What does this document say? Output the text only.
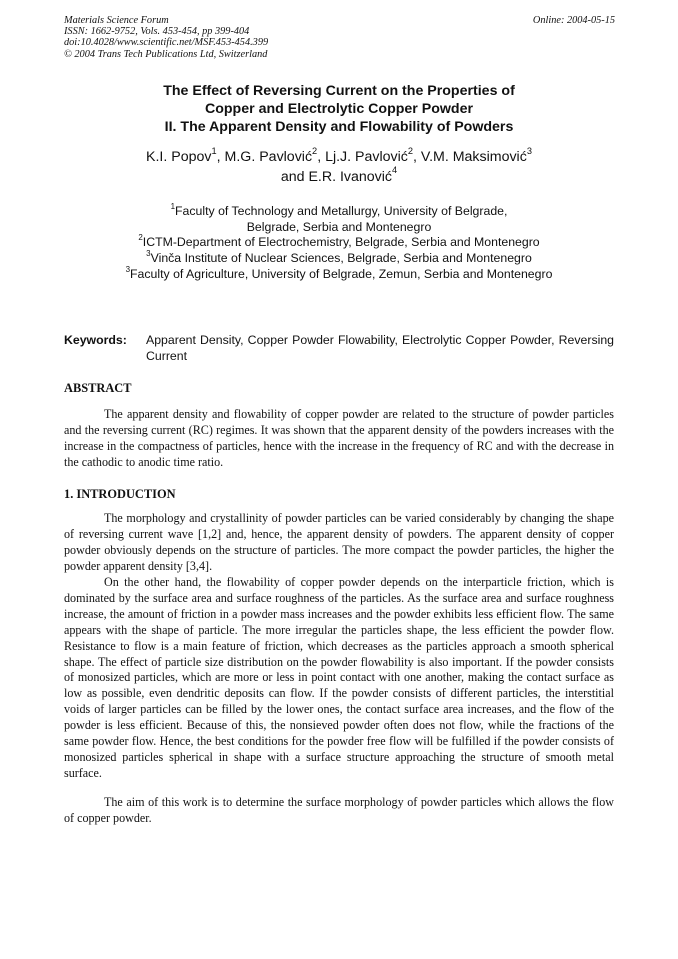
Materials Science Forum
ISSN: 1662-9752, Vols. 453-454, pp 399-404
doi:10.4028/www.scientific.net/MSF.453-454.399
© 2004 Trans Tech Publications Ltd, Switzerland
Online: 2004-05-15
The Effect of Reversing Current on the Properties of
Copper and Electrolytic Copper Powder
II. The Apparent Density and Flowability of Powders
K.I. Popov$^1$, M.G. Pavlović$^2$, Lj.J. Pavlović$^2$, V.M. Maksimović$^3$
and E.R. Ivanović$^4$
$^1$Faculty of Technology and Metallurgy, University of Belgrade,
Belgrade, Serbia and Montenegro
$^2$ICTM-Department of Electrochemistry, Belgrade, Serbia and Montenegro
$^3$Vinča Institute of Nuclear Sciences, Belgrade, Serbia and Montenegro
$^3$Faculty of Agriculture, University of Belgrade, Zemun, Serbia and Montenegro
Keywords: Apparent Density, Copper Powder Flowability, Electrolytic Copper Powder, Reversing Current
ABSTRACT

The apparent density and flowability of copper powder are related to the structure of powder particles and the reversing current (RC) regimes. It was shown that the apparent density of the powders increases with the increase in the compactness of particles, hence with the increase in the frequency of RC and with the decrease in the cathodic to anodic time ratio.

1. INTRODUCTION

The morphology and crystallinity of powder particles can be varied considerably by changing the shape of reversing current wave [1,2] and, hence, the apparent density of powders. The apparent density of copper powder obviously depends on the structure of particles. The more compact the powder particles, the higher the powder apparent density [3,4].

On the other hand, the flowability of copper powder depends on the interparticle friction, which is dominated by the surface area and surface roughness of the particles. As the surface area and surface roughness increase, the amount of friction in a powder mass increases and the powder exhibits less efficient flow. The same appears with the shape of particle. The more irregular the particles shape, the less efficient the powder flow. Resistance to flow is a main feature of friction, which decreases as the particles approach a smooth spherical shape. The effect of particle size distribution on the powder flowability is also important. If the powder consists of monosized particles, which are more or less in point contact with one another, making the contact surface as low as possible, even dendritic deposits can flow. If the powder consists of different particles, the interstitial voids of larger particles can be filled by the lower ones, the contact surface area increases, and the flow of the powder is less efficient. Because of this, the nonsieved powder often does not flow, while the fractions of the same powder flow. Hence, the best conditions for the powder free flow will be fulfilled if the powder consists of monosized particles spherical in shape with a surface structure approaching the structure of smooth metal surface.

The aim of this work is to determine the surface morphology of powder particles which allows the flow of copper powder.
